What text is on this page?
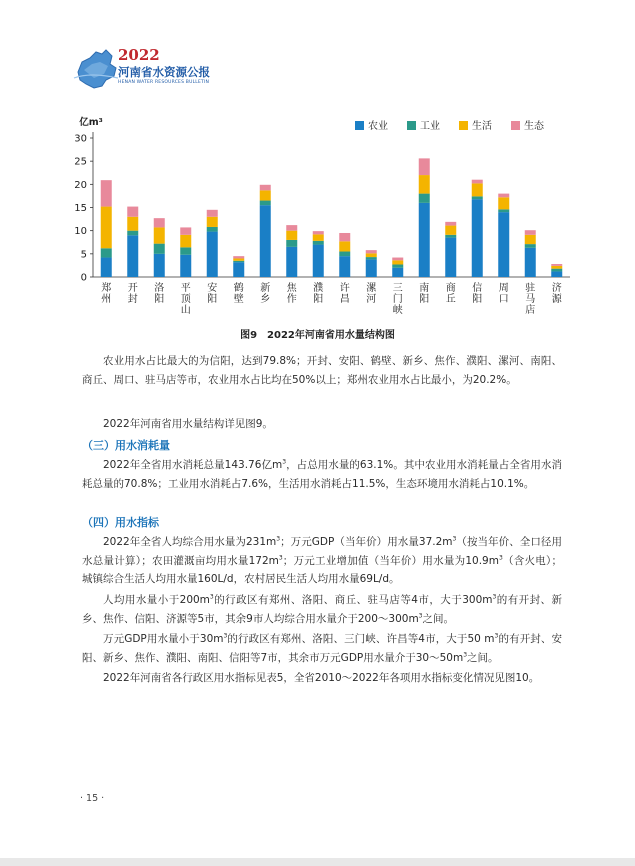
2022
河南省水资源公报
HENAN WATER RESOURCES BULLETIN
0
5
10
15
20
25
30
亿m³
郑
州
开
封
洛
阳
平
顶
山
安
阳
鹤
壁
新
乡
焦
作
濮
阳
许
昌
漯
河
三
门
峡
南
阳
商
丘
信
阳
周
口
驻
马
店
济
源
农业	工业	生活	生态
图9　2022年河南省用水量结构图

农业用水占比最大的为信阳，达到79.8%；开封、安阳、鹤壁、新乡、焦作、濮阳、漯河、南阳、商丘、周口、驻马店等市，农业用水占比均在50%以上；郑州农业用水占比最小，为20.2%。

2022年河南省用水量结构详见图9。

（三）用水消耗量

2022年全省用水消耗总量143.76亿$m^3$，占总用水量的63.1%。其中农业用水消耗量占全省用水消耗总量的70.8%；工业用水消耗占7.6%，生活用水消耗占11.5%，生态环境用水消耗占10.1%。

（四）用水指标

2022年全省人均综合用水量为$231m^3$；万元GDP（当年价）用水量$37.2m^3$（按当年价、全口径用水总量计算）；农田灌溉亩均用水量$172m^3$；万元工业增加值（当年价）用水量为$10.9m^3$（含火电）；城镇综合生活人均用水量160L/d，农村居民生活人均用水量69L/d。

人均用水量小于$200m^3$的行政区有郑州、洛阳、商丘、驻马店等4市，大于$300m^3$的有开封、新乡、焦作、信阳、济源等5市，其余9市人均综合用水量介于$200\sim 300m^3$之间。

万元GDP用水量小于$30m^3$的行政区有郑州、洛阳、三门峡、许昌等4市，大于50 $m^3$的有开封、安阳、新乡、焦作、濮阳、南阳、信阳等7市，其余市万元GDP用水量介于$30\sim 50m^3$之间。

2022年河南省各行政区用水指标见表5，全省2010～2022年各项用水指标变化情况见图10。

· 15 ·
